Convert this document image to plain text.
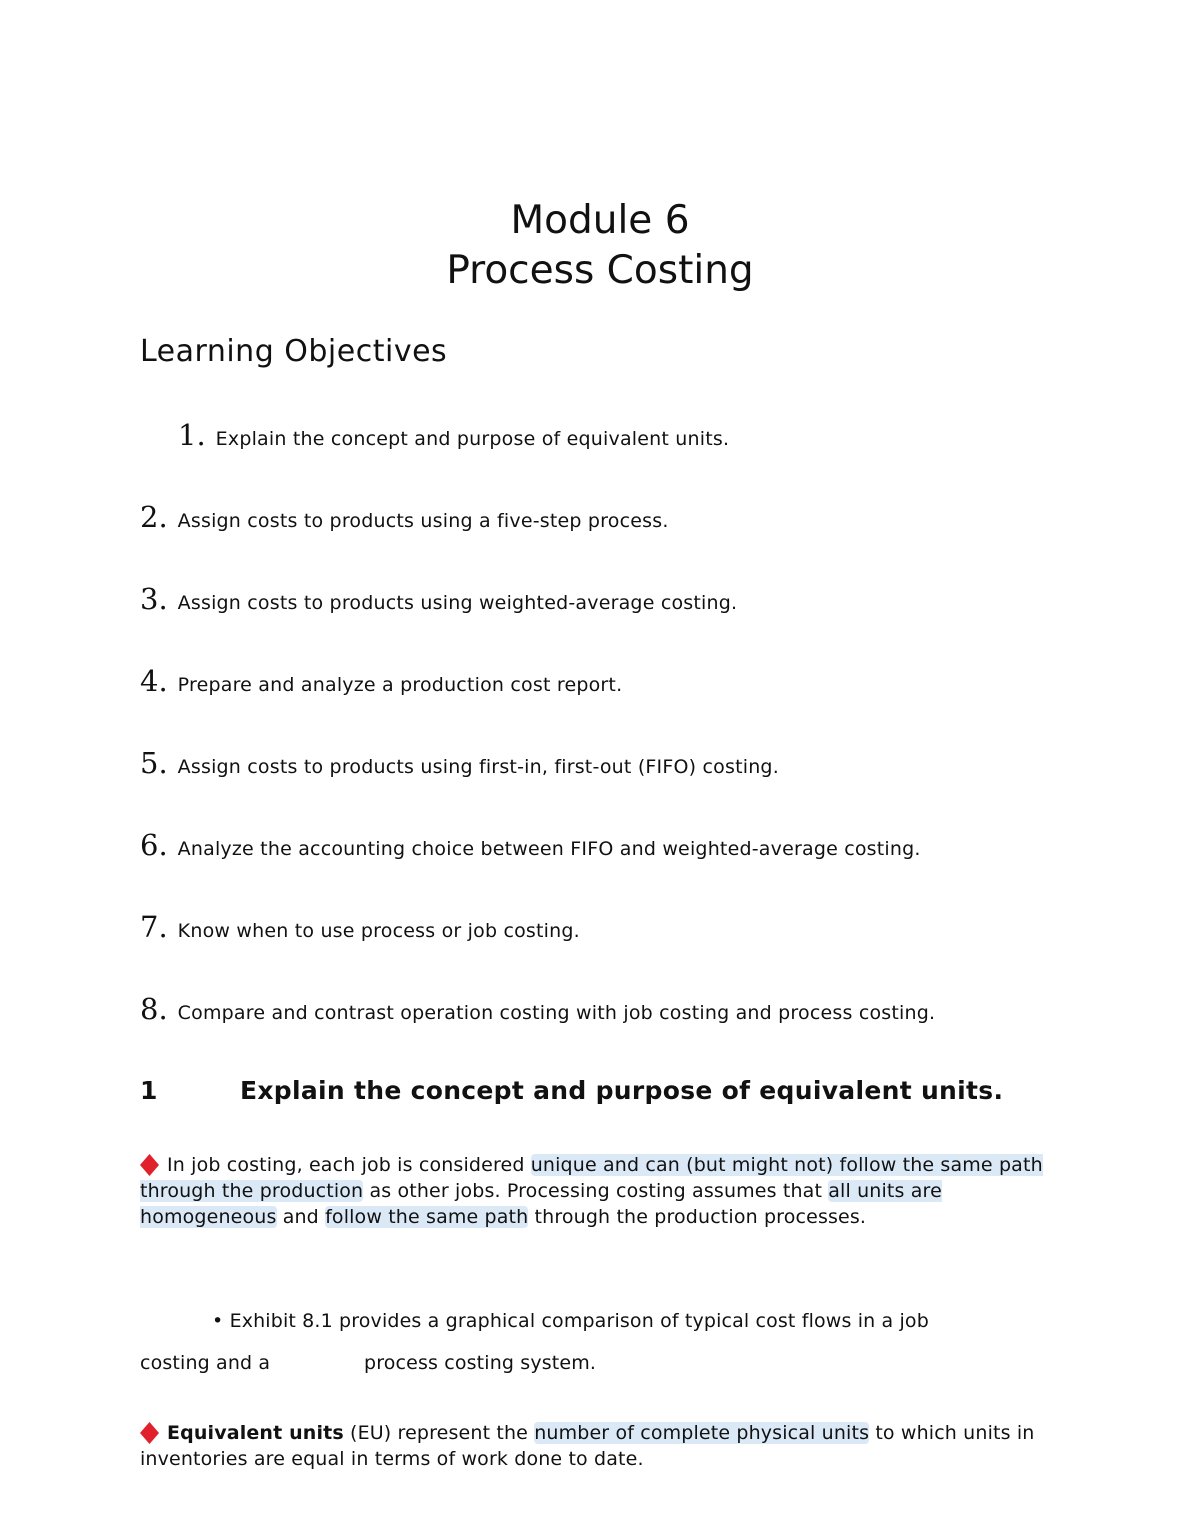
Module 6
Process Costing
Learning Objectives
1 . Explain the concept and purpose of equivalent units.
2 . Assign costs to products using a five-step process.
3 . Assign costs to products using weighted-average costing.
4 . Prepare and analyze a production cost report.
5 . Assign costs to products using first-in, first-out (FIFO) costing.
6 . Analyze the accounting choice between FIFO and weighted-average costing.
7 . Know when to use process or job costing.
8 . Compare and contrast operation costing with job costing and process costing.
1	Explain the concept and purpose of equivalent units.
In job costing, each job is considered unique and can (but might not) follow the same path through the production as other jobs. Processing costing assumes that all units are homogeneous and follow the same path through the production processes.
• Exhibit 8.1 provides a graphical comparison of typical cost flows in a job
costing and a	process costing system.
Equivalent units (EU) represent the number of complete physical units to which units in inventories are equal in terms of work done to date.
